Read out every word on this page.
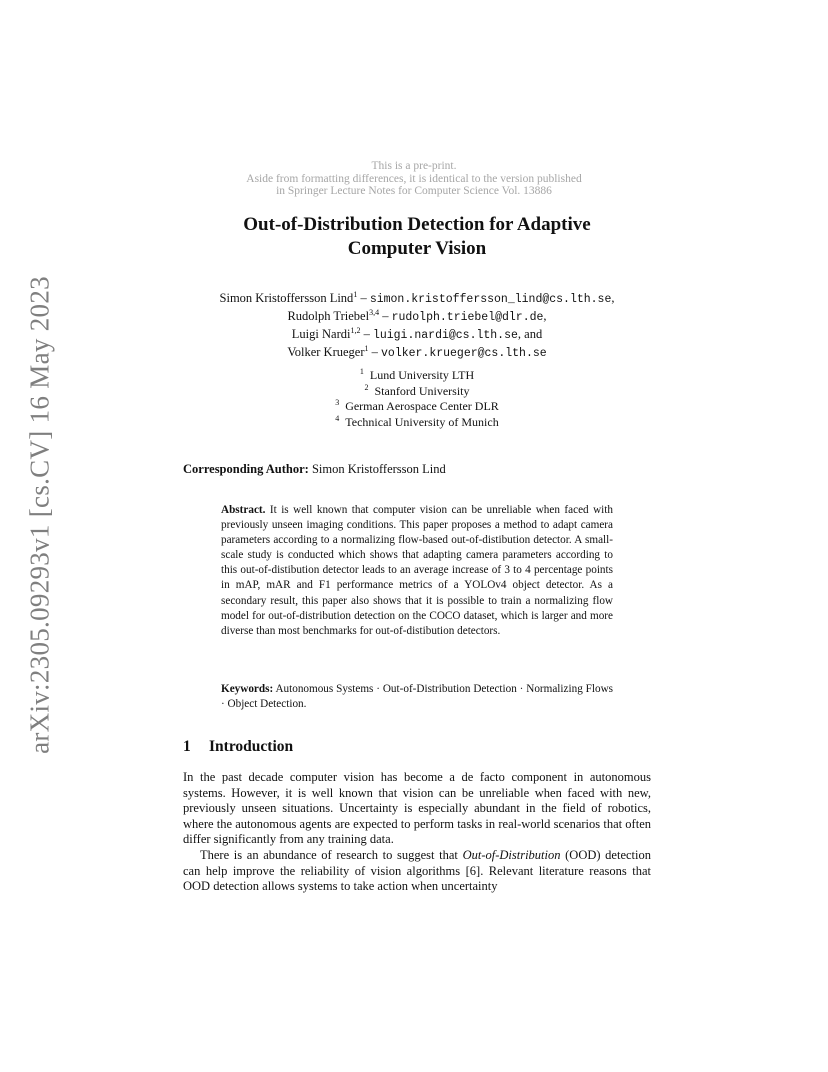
arXiv:2305.09293v1 [cs.CV] 16 May 2023
This is a pre-print.
Aside from formatting differences, it is identical to the version published
in Springer Lecture Notes for Computer Science Vol. 13886
Out-of-Distribution Detection for Adaptive
Computer Vision
Simon Kristoffersson Lind$^1$ – simon.kristoffersson_lind@cs.lth.se,
Rudolph Triebel$^{3,4}$ – rudolph.triebel@dlr.de,
Luigi Nardi$^{1,2}$ – luigi.nardi@cs.lth.se, and
Volker Krueger$^1$ – volker.krueger@cs.lth.se
$^1$ Lund University LTH
$^2$ Stanford University
$^3$ German Aerospace Center DLR
$^4$ Technical University of Munich
Corresponding Author: Simon Kristoffersson Lind
Abstract. It is well known that computer vision can be unreliable when faced with previously unseen imaging conditions. This paper proposes a method to adapt camera parameters according to a normalizing flow-based out-of-distibution detector. A small-scale study is conducted which shows that adapting camera parameters according to this out-of-distibution detector leads to an average increase of 3 to 4 percentage points in mAP, mAR and F1 performance metrics of a YOLOv4 object detector. As a secondary result, this paper also shows that it is possible to train a normalizing flow model for out-of-distribution detection on the COCO dataset, which is larger and more diverse than most benchmarks for out-of-distibution detectors.
Keywords: Autonomous Systems · Out-of-Distribution Detection · Normalizing Flows · Object Detection.
1 Introduction

In the past decade computer vision has become a de facto component in autonomous systems. However, it is well known that vision can be unreliable when faced with new, previously unseen situations. Uncertainty is especially abundant in the field of robotics, where the autonomous agents are expected to perform tasks in real-world scenarios that often differ significantly from any training data.

There is an abundance of research to suggest that Out-of-Distribution (OOD) detection can help improve the reliability of vision algorithms [6]. Relevant literature reasons that OOD detection allows systems to take action when uncertainty
